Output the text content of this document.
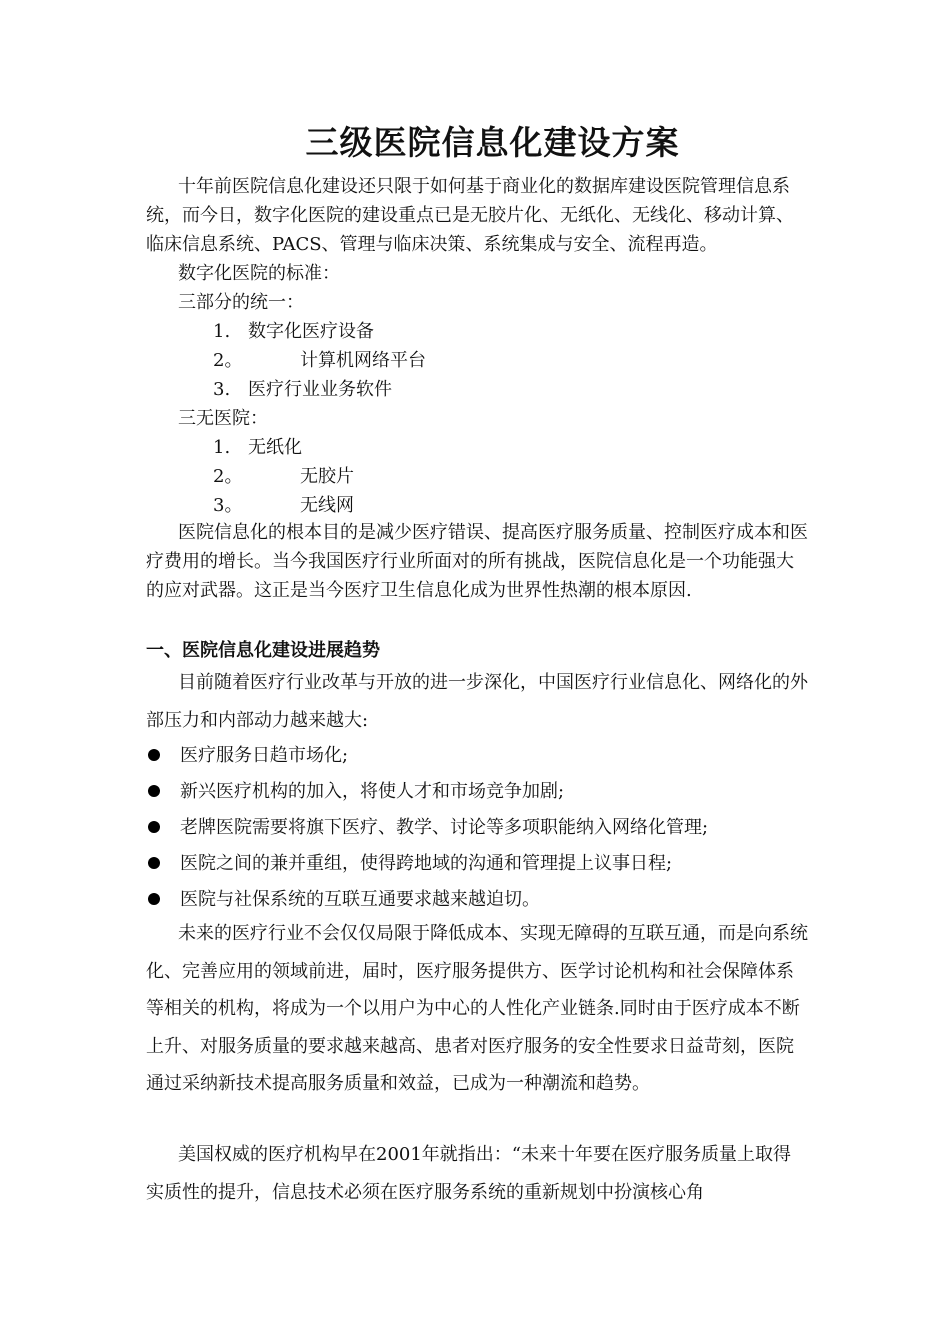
三级医院信息化建设方案
十年前医院信息化建设还只限于如何基于商业化的数据库建设医院管理信息系统，而今日，数字化医院的建设重点已是无胶片化、无纸化、无线化、移动计算、临床信息系统、PACS、管理与临床决策、系统集成与安全、流程再造。
数字化医院的标准：
三部分的统一：
1. 数字化医疗设备
2。	计算机网络平台
3. 医疗行业业务软件
三无医院：
1. 无纸化
2。	无胶片
3。	无线网
医院信息化的根本目的是减少医疗错误、提高医疗服务质量、控制医疗成本和医疗费用的增长。当今我国医疗行业所面对的所有挑战，医院信息化是一个功能强大的应对武器。这正是当今医疗卫生信息化成为世界性热潮的根本原因.
一、医院信息化建设进展趋势
目前随着医疗行业改革与开放的进一步深化，中国医疗行业信息化、网络化的外部压力和内部动力越来越大:
医疗服务日趋市场化;
新兴医疗机构的加入，将使人才和市场竞争加剧;
老牌医院需要将旗下医疗、教学、讨论等多项职能纳入网络化管理;
医院之间的兼并重组，使得跨地域的沟通和管理提上议事日程;
医院与社保系统的互联互通要求越来越迫切。
未来的医疗行业不会仅仅局限于降低成本、实现无障碍的互联互通，而是向系统化、完善应用的领域前进，届时，医疗服务提供方、医学讨论机构和社会保障体系等相关的机构，将成为一个以用户为中心的人性化产业链条.同时由于医疗成本不断上升、对服务质量的要求越来越高、患者对医疗服务的安全性要求日益苛刻，医院通过采纳新技术提高服务质量和效益，已成为一种潮流和趋势。
美国权威的医疗机构早在2001年就指出：“未来十年要在医疗服务质量上取得实质性的提升，信息技术必须在医疗服务系统的重新规划中扮演核心角
